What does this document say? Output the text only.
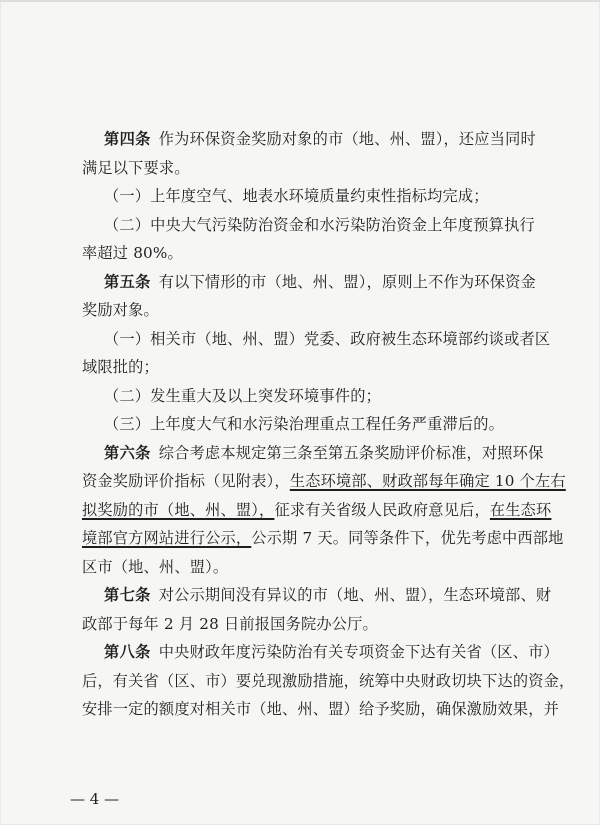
第四条 作为环保资金奖励对象的市（地、州、盟），还应当同时
满足以下要求。
（一）上年度空气、地表水环境质量约束性指标均完成；
（二）中央大气污染防治资金和水污染防治资金上年度预算执行
率超过 80%。
第五条 有以下情形的市（地、州、盟），原则上不作为环保资金
奖励对象。
（一）相关市（地、州、盟）党委、政府被生态环境部约谈或者区
域限批的；
（二）发生重大及以上突发环境事件的；
（三）上年度大气和水污染治理重点工程任务严重滞后的。
第六条 综合考虑本规定第三条至第五条奖励评价标准，对照环保
资金奖励评价指标（见附表），生态环境部、财政部每年确定 10 个左右
拟奖励的市（地、州、盟），征求有关省级人民政府意见后，在生态环
境部官方网站进行公示，公示期 7 天。同等条件下，优先考虑中西部地
区市（地、州、盟）。
第七条 对公示期间没有异议的市（地、州、盟），生态环境部、财
政部于每年 2 月 28 日前报国务院办公厅。
第八条 中央财政年度污染防治有关专项资金下达有关省（区、市）
后，有关省（区、市）要兑现激励措施，统筹中央财政切块下达的资金，
安排一定的额度对相关市（地、州、盟）给予奖励，确保激励效果，并
— 4 —
